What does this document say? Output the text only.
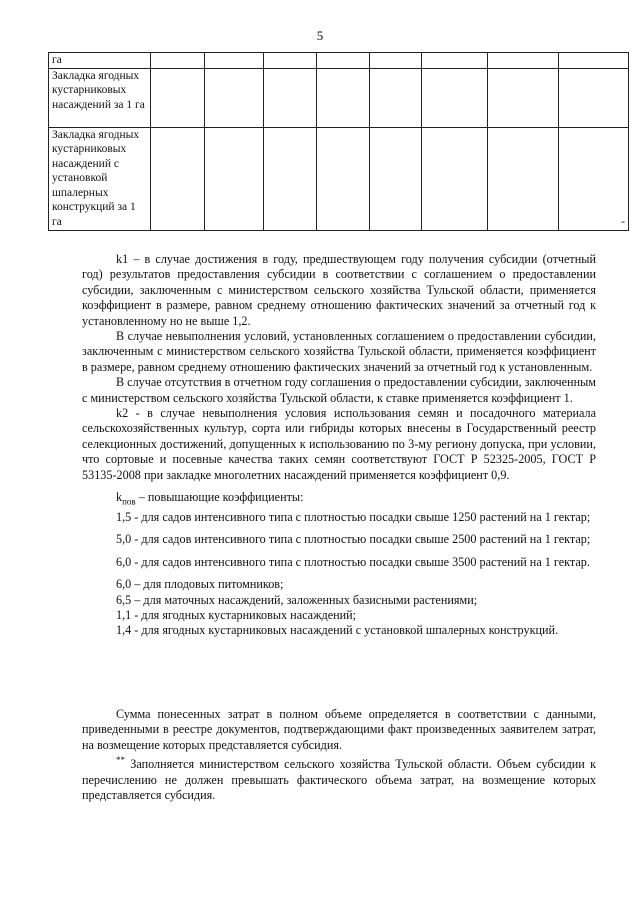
5
га								
Закладка ягодных кустарниковых насаждений за 1 га								
Закладка ягодных кустарниковых насаждений с установкой шпалерных конструкций за 1 га								-

k1 – в случае достижения в году, предшествующем году получения субсидии (отчетный год) результатов предоставления субсидии в соответствии с соглашением о предоставлении субсидии, заключенным с министерством сельского хозяйства Тульской области, применяется коэффициент в размере, равном среднему отношению фактических значений за отчетный год к установленному но не выше 1,2.

В случае невыполнения условий, установленных соглашением о предоставлении субсидии, заключенным с министерством сельского хозяйства Тульской области, применяется коэффициент в размере, равном среднему отношению фактических значений за отчетный год к установленным.

В случае отсутствия в отчетном году соглашения о предоставлении субсидии, заключенным с министерством сельского хозяйства Тульской области, к ставке применяется коэффициент 1.

k2 - в случае невыполнения условия использования семян и посадочного материала сельскохозяйственных культур, сорта или гибриды которых внесены в Государственный реестр селекционных достижений, допущенных к использованию по 3-му региону допуска, при условии, что сортовые и посевные качества таких семян соответствуют ГОСТ Р 52325-2005, ГОСТ Р 53135-2008 при закладке многолетних насаждений применяется коэффициент 0,9.

$k_{пов}$ – повышающие коэффициенты:

1,5 - для садов интенсивного типа с плотностью посадки свыше 1250 растений на 1 гектар;

5,0 - для садов интенсивного типа с плотностью посадки свыше 2500 растений на 1 гектар;

6,0 - для садов интенсивного типа с плотностью посадки свыше 3500 растений на 1 гектар.

6,0 – для плодовых питомников;

6,5 – для маточных насаждений, заложенных базисными растениями;

1,1 - для ягодных кустарниковых насаждений;

1,4 - для ягодных кустарниковых насаждений с установкой шпалерных конструкций.

Сумма понесенных затрат в полном объеме определяется в соответствии с данными, приведенными в реестре документов, подтверждающими факт произведенных заявителем затрат, на возмещение которых представляется субсидия.

** Заполняется министерством сельского хозяйства Тульской области. Объем субсидии к перечислению не должен превышать фактического объема затрат, на возмещение которых представляется субсидия.
